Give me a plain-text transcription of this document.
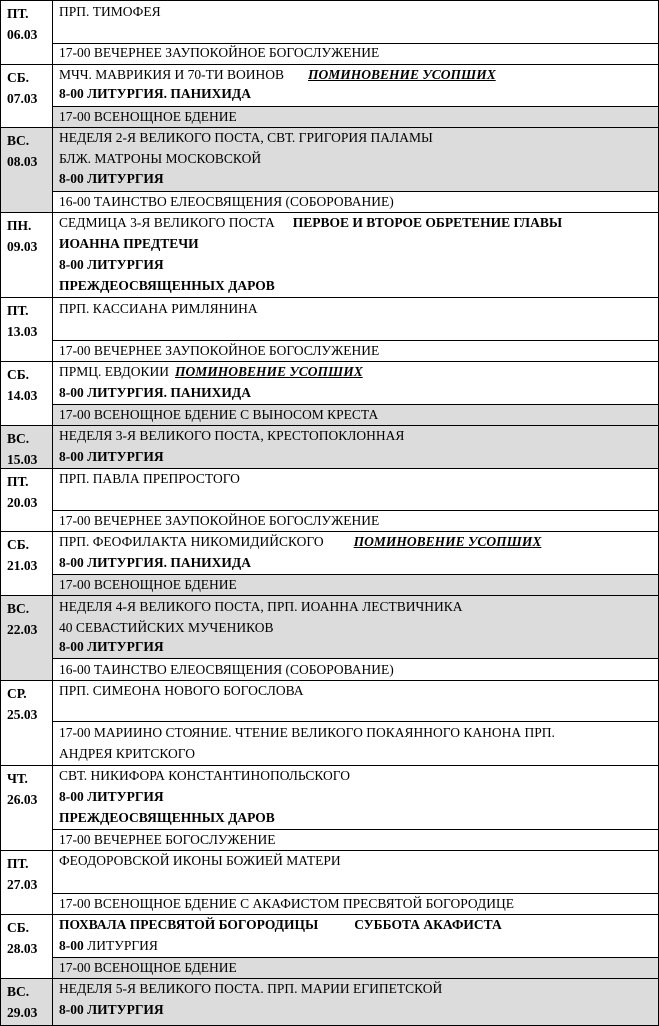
ПТ.
06.03
ПРП. ТИМОФЕЯ
17-00 ВЕЧЕРНЕЕ ЗАУПОКОЙНОЕ БОГОСЛУЖЕНИЕ
СБ.
07.03
МЧЧ. МАВРИКИЯ И 70-ТИ ВОИНОВ ПОМИНОВЕНИЕ УСОПШИХ
8-00 ЛИТУРГИЯ. ПАНИХИДА
17-00 ВСЕНОЩНОЕ БДЕНИЕ
ВС.
08.03
НЕДЕЛЯ 2-Я ВЕЛИКОГО ПОСТА, СВТ. ГРИГОРИЯ ПАЛАМЫ
БЛЖ. МАТРОНЫ МОСКОВСКОЙ
8-00 ЛИТУРГИЯ
16-00 ТАИНСТВО ЕЛЕОСВЯЩЕНИЯ (СОБОРОВАНИЕ)
ПН.
09.03
СЕДМИЦА 3-Я ВЕЛИКОГО ПОСТА ПЕРВОЕ И ВТОРОЕ ОБРЕТЕНИЕ ГЛАВЫ
ИОАННА ПРЕДТЕЧИ
8-00 ЛИТУРГИЯ
ПРЕЖДЕОСВЯЩЕННЫХ ДАРОВ
ПТ.
13.03
ПРП. КАССИАНА РИМЛЯНИНА
17-00 ВЕЧЕРНЕЕ ЗАУПОКОЙНОЕ БОГОСЛУЖЕНИЕ
СБ.
14.03
ПРМЦ. ЕВДОКИИ ПОМИНОВЕНИЕ УСОПШИХ
8-00 ЛИТУРГИЯ. ПАНИХИДА
17-00 ВСЕНОЩНОЕ БДЕНИЕ С ВЫНОСОМ КРЕСТА
ВС.
15.03
НЕДЕЛЯ 3-Я ВЕЛИКОГО ПОСТА, КРЕСТОПОКЛОННАЯ
8-00 ЛИТУРГИЯ
ПТ.
20.03
ПРП. ПАВЛА ПРЕПРОСТОГО
17-00 ВЕЧЕРНЕЕ ЗАУПОКОЙНОЕ БОГОСЛУЖЕНИЕ
СБ.
21.03
ПРП. ФЕОФИЛАКТА НИКОМИДИЙСКОГО ПОМИНОВЕНИЕ УСОПШИХ
8-00 ЛИТУРГИЯ. ПАНИХИДА
17-00 ВСЕНОЩНОЕ БДЕНИЕ
ВС.
22.03
НЕДЕЛЯ 4-Я ВЕЛИКОГО ПОСТА, ПРП. ИОАННА ЛЕСТВИЧНИКА
40 СЕВАСТИЙСКИХ МУЧЕНИКОВ
8-00 ЛИТУРГИЯ
16-00 ТАИНСТВО ЕЛЕОСВЯЩЕНИЯ (СОБОРОВАНИЕ)
СР.
25.03
ПРП. СИМЕОНА НОВОГО БОГОСЛОВА
17-00 МАРИИНО СТОЯНИЕ. ЧТЕНИЕ ВЕЛИКОГО ПОКАЯННОГО КАНОНА ПРП.
АНДРЕЯ КРИТСКОГО
ЧТ.
26.03
СВТ. НИКИФОРА КОНСТАНТИНОПОЛЬСКОГО
8-00 ЛИТУРГИЯ
ПРЕЖДЕОСВЯЩЕННЫХ ДАРОВ
17-00 ВЕЧЕРНЕЕ БОГОСЛУЖЕНИЕ
ПТ.
27.03
ФЕОДОРОВСКОЙ ИКОНЫ БОЖИЕЙ МАТЕРИ
17-00 ВСЕНОЩНОЕ БДЕНИЕ С АКАФИСТОМ ПРЕСВЯТОЙ БОГОРОДИЦЕ
СБ.
28.03
ПОХВАЛА ПРЕСВЯТОЙ БОГОРОДИЦЫ	СУББОТА АКАФИСТА
8-00 ЛИТУРГИЯ
17-00 ВСЕНОЩНОЕ БДЕНИЕ
ВС.
29.03
НЕДЕЛЯ 5-Я ВЕЛИКОГО ПОСТА. ПРП. МАРИИ ЕГИПЕТСКОЙ
8-00 ЛИТУРГИЯ
